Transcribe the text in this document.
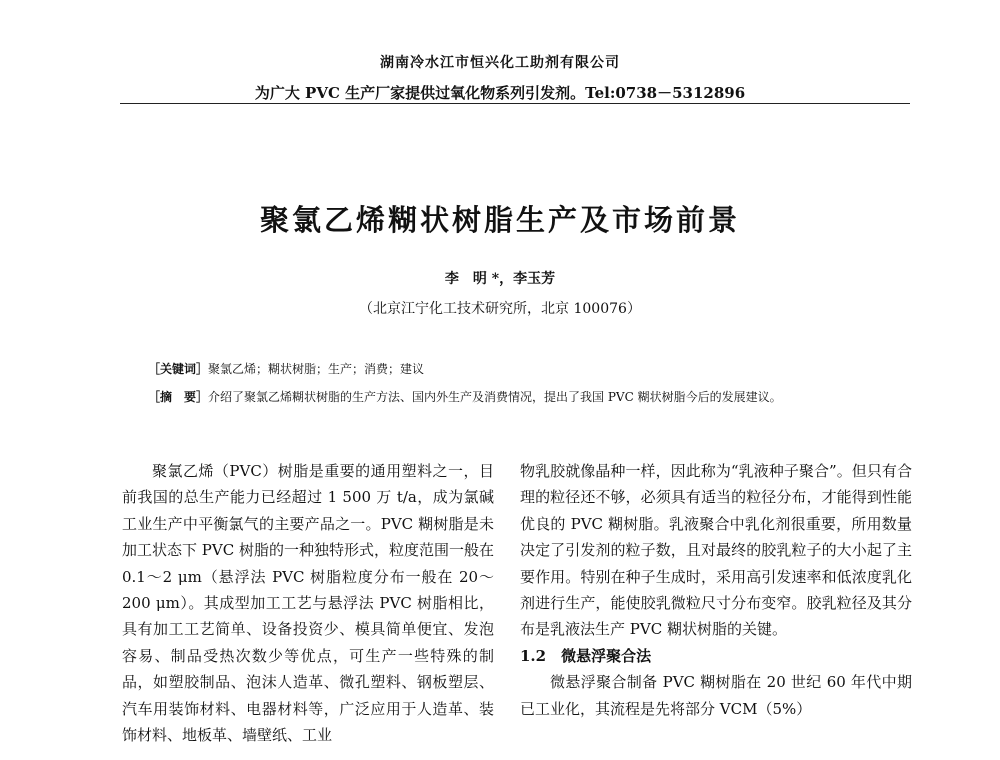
湖南冷水江市恒兴化工助剂有限公司
为广大 PVC 生产厂家提供过氧化物系列引发剂。Tel:0738－5312896
聚氯乙烯糊状树脂生产及市场前景
李　明 *，李玉芳
（北京江宁化工技术研究所，北京 100076）
［关键词］聚氯乙烯；糊状树脂；生产；消费；建议
［摘　要］介绍了聚氯乙烯糊状树脂的生产方法、国内外生产及消费情况，提出了我国 PVC 糊状树脂今后的发展建议。

聚氯乙烯（PVC）树脂是重要的通用塑料之一，目前我国的总生产能力已经超过 1 500 万 t/a，成为氯碱工业生产中平衡氯气的主要产品之一。PVC 糊树脂是未加工状态下 PVC 树脂的一种独特形式，粒度范围一般在 0.1～2 μm（悬浮法 PVC 树脂粒度分布一般在 20～200 μm）。其成型加工工艺与悬浮法 PVC 树脂相比，具有加工工艺简单、设备投资少、模具简单便宜、发泡容易、制品受热次数少等优点，可生产一些特殊的制品，如塑胶制品、泡沫人造革、微孔塑料、钢板塑层、汽车用装饰材料、电器材料等，广泛应用于人造革、装饰材料、地板革、墙壁纸、工业

物乳胶就像晶种一样，因此称为“乳液种子聚合”。但只有合理的粒径还不够，必须具有适当的粒径分布，才能得到性能优良的 PVC 糊树脂。乳液聚合中乳化剂很重要，所用数量决定了引发剂的粒子数，且对最终的胶乳粒子的大小起了主要作用。特别在种子生成时，采用高引发速率和低浓度乳化剂进行生产，能使胶乳微粒尺寸分布变窄。胶乳粒径及其分布是乳液法生产 PVC 糊状树脂的关键。

1.2　微悬浮聚合法

微悬浮聚合制备 PVC 糊树脂在 20 世纪 60 年代中期已工业化，其流程是先将部分 VCM（5%）
